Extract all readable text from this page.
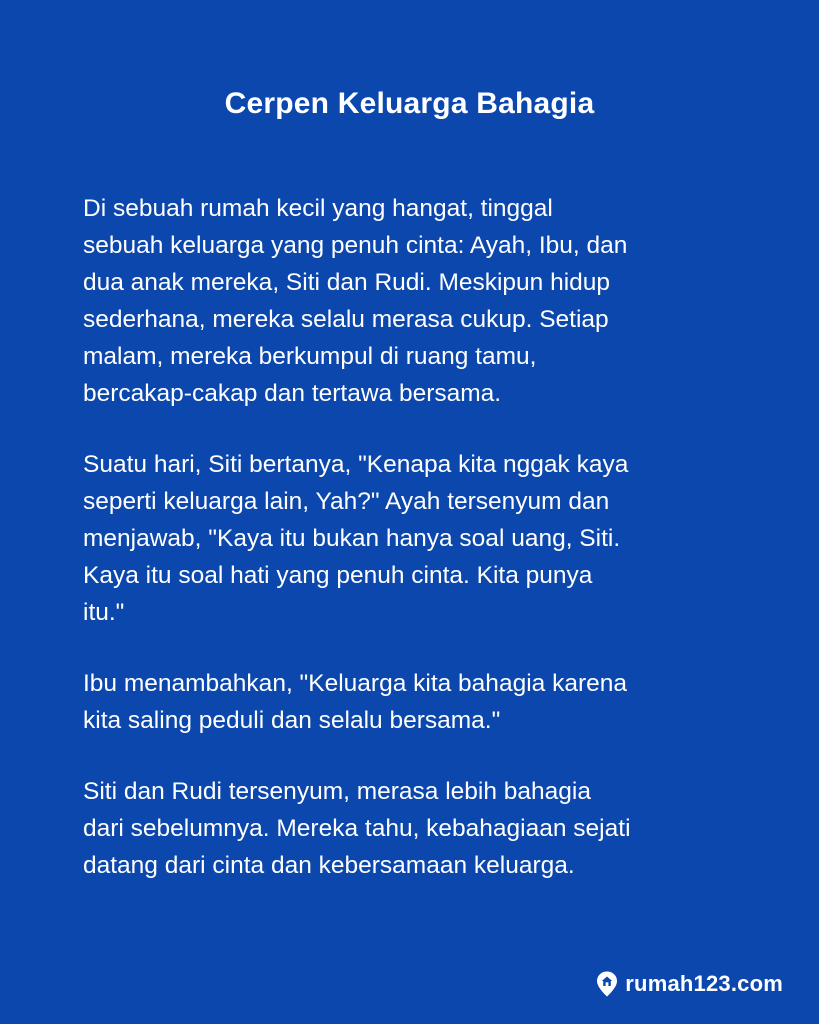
Cerpen Keluarga Bahagia

Di sebuah rumah kecil yang hangat, tinggal
sebuah keluarga yang penuh cinta: Ayah, Ibu, dan
dua anak mereka, Siti dan Rudi. Meskipun hidup
sederhana, mereka selalu merasa cukup. Setiap
malam, mereka berkumpul di ruang tamu,
bercakap-cakap dan tertawa bersama.

Suatu hari, Siti bertanya, "Kenapa kita nggak kaya
seperti keluarga lain, Yah?" Ayah tersenyum dan
menjawab, "Kaya itu bukan hanya soal uang, Siti.
Kaya itu soal hati yang penuh cinta. Kita punya
itu."

Ibu menambahkan, "Keluarga kita bahagia karena
kita saling peduli dan selalu bersama."

Siti dan Rudi tersenyum, merasa lebih bahagia
dari sebelumnya. Mereka tahu, kebahagiaan sejati
datang dari cinta dan kebersamaan keluarga.

rumah123.com
